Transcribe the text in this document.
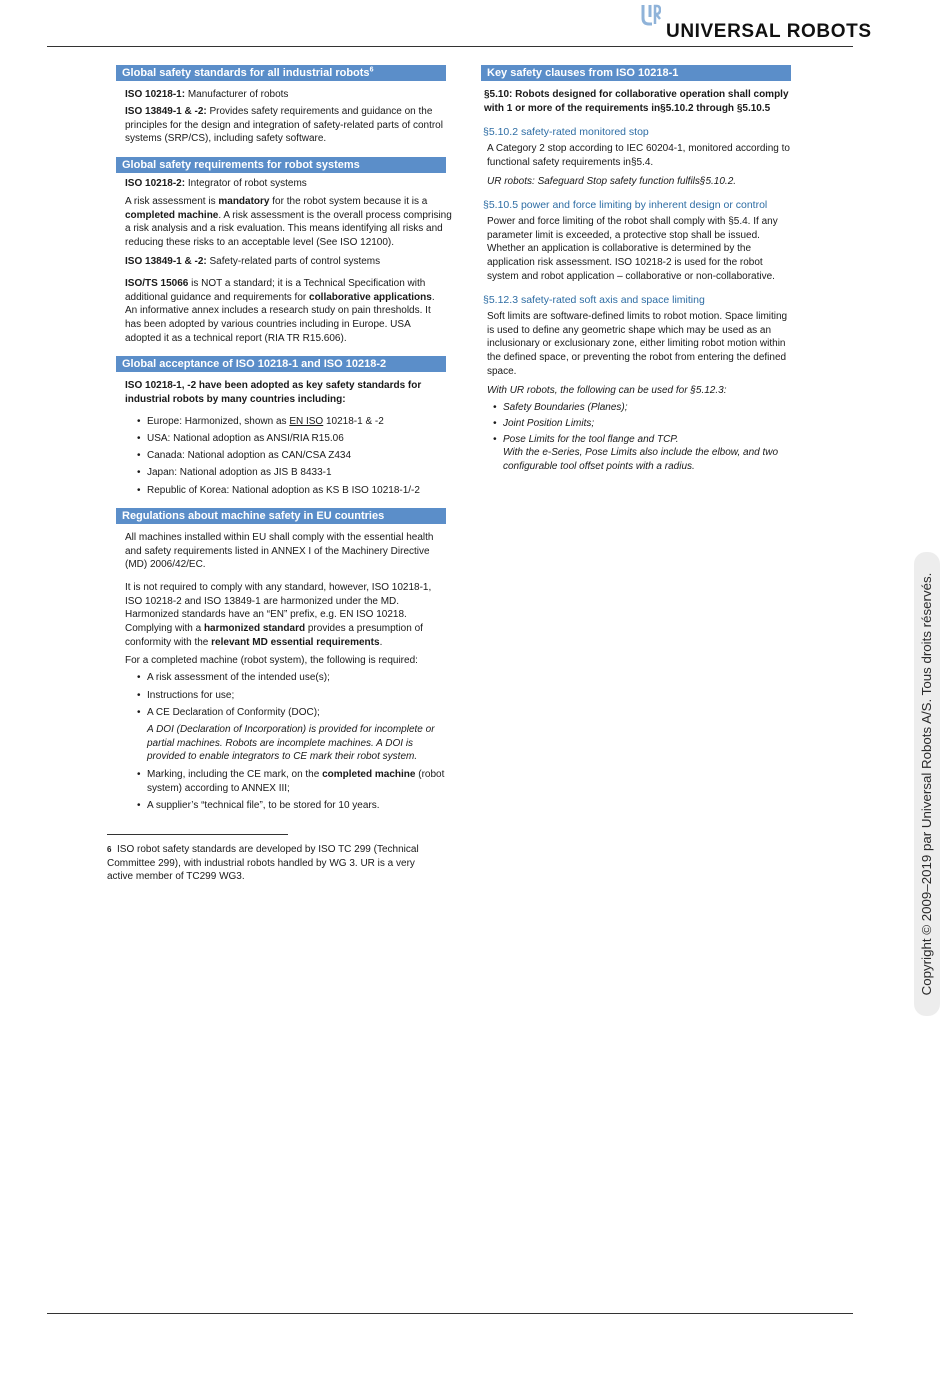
UNIVERSAL ROBOTS
Global safety standards for all industrial robots$^6$
ISO 10218-1: Manufacturer of robots
ISO 13849-1 & -2: Provides safety requirements and guidance on the principles for the design and integration of safety-related parts of control systems (SRP/CS), including safety software.
Global safety requirements for robot systems
ISO 10218-2: Integrator of robot systems
A risk assessment is mandatory for the robot system because it is a completed machine. A risk assessment is the overall process comprising a risk analysis and a risk evaluation. This means identifying all risks and reducing these risks to an acceptable level (See ISO 12100).
ISO 13849-1 & -2: Safety-related parts of control systems
ISO/TS 15066 is NOT a standard; it is a Technical Specification with additional guidance and requirements for collaborative applications. An informative annex includes a research study on pain thresholds. It has been adopted by various countries including in Europe. USA adopted it as a technical report (RIA TR R15.606).
Global acceptance of ISO 10218-1 and ISO 10218-2
ISO 10218-1, -2 have been adopted as key safety standards for industrial robots by many countries including:
• Europe: Harmonized, shown as EN ISO 10218-1 & -2
• USA: National adoption as ANSI/RIA R15.06
• Canada: National adoption as CAN/CSA Z434
• Japan: National adoption as JIS B 8433-1
• Republic of Korea: National adoption as KS B ISO 10218-1/-2
Regulations about machine safety in EU countries
All machines installed within EU shall comply with the essential health and safety requirements listed in ANNEX I of the Machinery Directive (MD) 2006/42/EC.
It is not required to comply with any standard, however, ISO 10218-1, ISO 10218-2 and ISO 13849-1 are harmonized under the MD. Harmonized standards have an “EN” prefix, e.g. EN ISO 10218. Complying with a harmonized standard provides a presumption of conformity with the relevant MD essential requirements.
For a completed machine (robot system), the following is required:
• A risk assessment of the intended use(s);
• Instructions for use;
• A CE Declaration of Conformity (DOC);
A DOI (Declaration of Incorporation) is provided for incomplete or partial machines. Robots are incomplete machines. A DOI is provided to enable integrators to CE mark their robot system.
• Marking, including the CE mark, on the completed machine (robot system) according to ANNEX III;
• A supplier’s “technical file”, to be stored for 10 years.
$^6$ ISO robot safety standards are developed by ISO TC 299 (Technical Committee 299), with industrial robots handled by WG 3. UR is a very active member of TC299 WG3.
Key safety clauses from ISO 10218-1
§5.10: Robots designed for collaborative operation shall comply with 1 or more of the requirements in§5.10.2 through §5.10.5
§5.10.2 safety-rated monitored stop
A Category 2 stop according to IEC 60204-1, monitored according to functional safety requirements in§5.4.
UR robots: Safeguard Stop safety function fulfils§5.10.2.
§5.10.5 power and force limiting by inherent design or control
Power and force limiting of the robot shall comply with §5.4. If any parameter limit is exceeded, a protective stop shall be issued. Whether an application is collaborative is determined by the application risk assessment. ISO 10218-2 is used for the robot system and robot application – collaborative or non-collaborative.
§5.12.3 safety-rated soft axis and space limiting
Soft limits are software-defined limits to robot motion. Space limiting is used to define any geometric shape which may be used as an inclusionary or exclusionary zone, either limiting robot motion within the defined space, or preventing the robot from entering the defined space.
With UR robots, the following can be used for §5.12.3:
• Safety Boundaries (Planes);
• Joint Position Limits;
• Pose Limits for the tool flange and TCP.
With the e-Series, Pose Limits also include the elbow, and two configurable tool offset points with a radius.
Copyright © 2009–2019 par Universal Robots A/S. Tous droits réservés.
